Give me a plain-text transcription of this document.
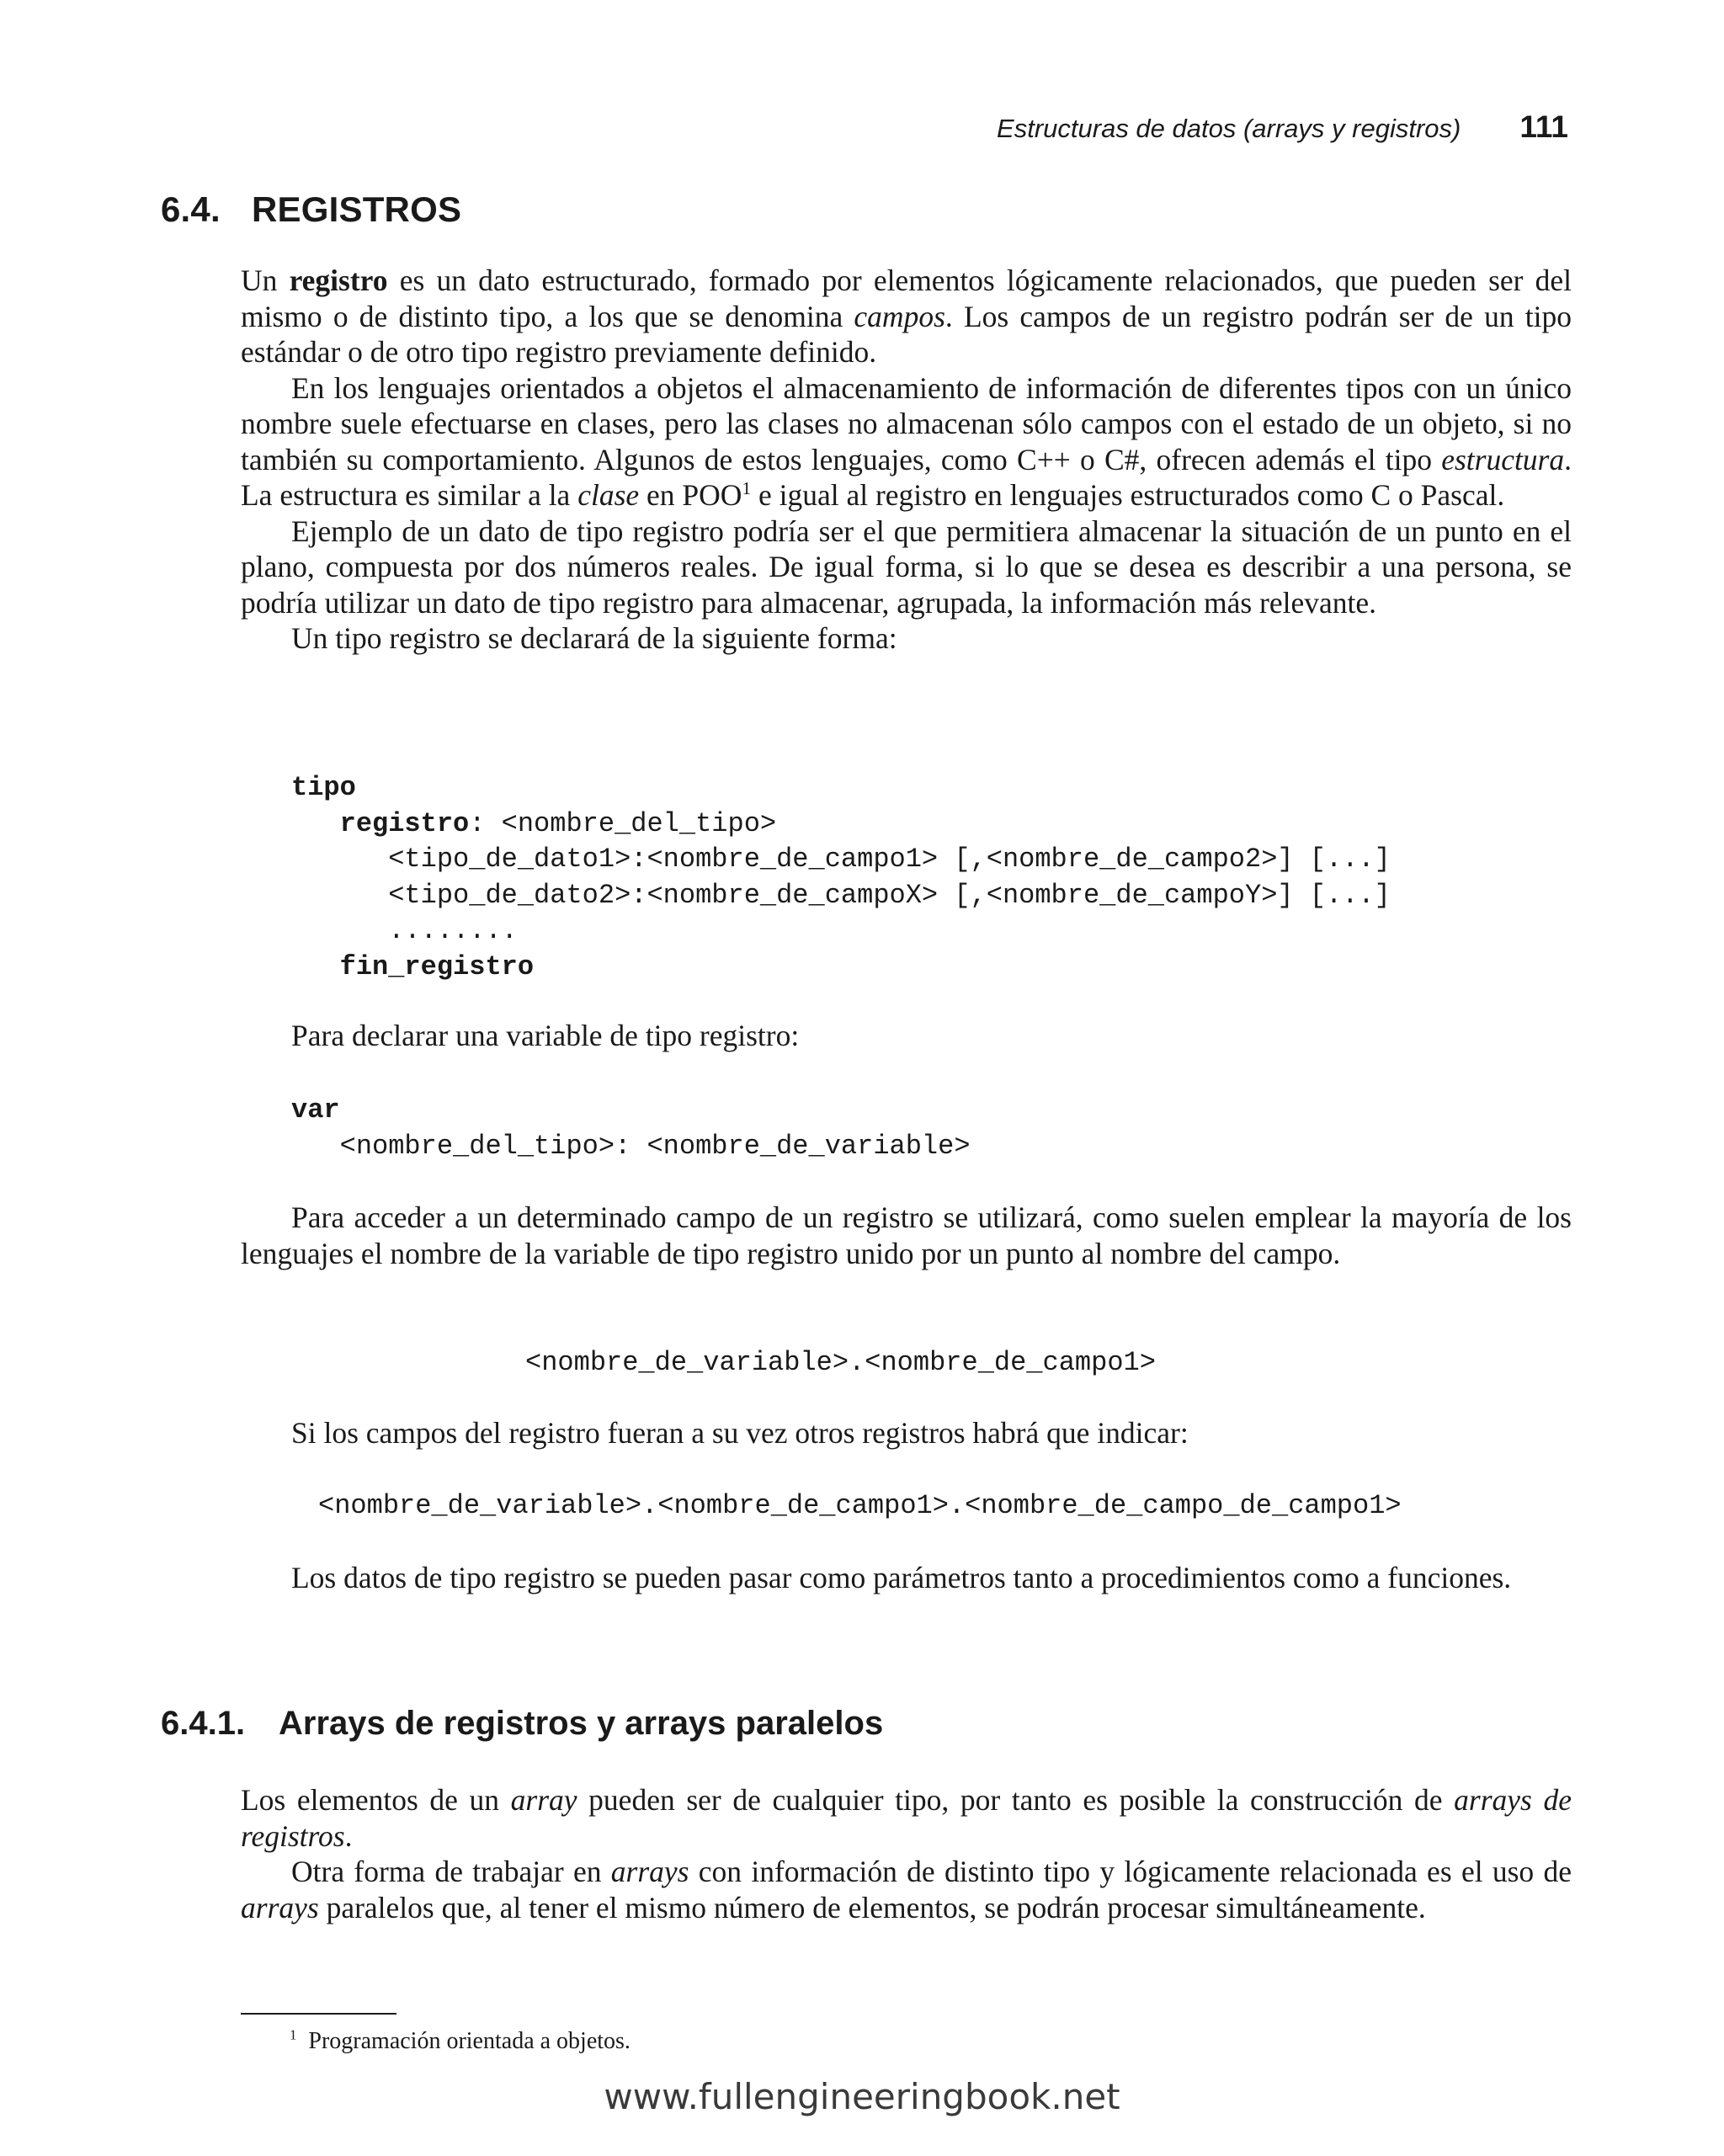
Estructuras de datos (arrays y registros) 111
6.4. REGISTROS

Un registro es un dato estructurado, formado por elementos lógicamente relacionados, que pueden ser del mismo o de distinto tipo, a los que se denomina campos. Los campos de un registro podrán ser de un tipo estándar o de otro tipo registro previamente definido.

En los lenguajes orientados a objetos el almacenamiento de información de diferentes tipos con un único nombre suele efectuarse en clases, pero las clases no almacenan sólo campos con el estado de un objeto, si no también su comportamiento. Algunos de estos lenguajes, como C++ o C#, ofrecen además el tipo estructura. La estructura es similar a la clase en POO$^1$ e igual al registro en lenguajes estructurados como C o Pascal.

Ejemplo de un dato de tipo registro podría ser el que permitiera almacenar la situación de un punto en el plano, compuesta por dos números reales. De igual forma, si lo que se desea es describir a una persona, se podría utilizar un dato de tipo registro para almacenar, agrupada, la información más relevante.

Un tipo registro se declarará de la siguiente forma:

tipo
registro: <nombre_del_tipo>
<tipo_de_dato1>:<nombre_de_campo1> [,<nombre_de_campo2>] [...]
<tipo_de_dato2>:<nombre_de_campoX> [,<nombre_de_campoY>] [...]
........
fin_registro
Para declarar una variable de tipo registro:
var
<nombre_del_tipo>: <nombre_de_variable>

Para acceder a un determinado campo de un registro se utilizará, como suelen emplear la mayoría de los lenguajes el nombre de la variable de tipo registro unido por un punto al nombre del campo.

<nombre_de_variable>.<nombre_de_campo1>
Si los campos del registro fueran a su vez otros registros habrá que indicar:
<nombre_de_variable>.<nombre_de_campo1>.<nombre_de_campo_de_campo1>

Los datos de tipo registro se pueden pasar como parámetros tanto a procedimientos como a funciones.

6.4.1. Arrays de registros y arrays paralelos

Los elementos de un array pueden ser de cualquier tipo, por tanto es posible la construcción de arrays de registros.

Otra forma de trabajar en arrays con información de distinto tipo y lógicamente relacionada es el uso de arrays paralelos que, al tener el mismo número de elementos, se podrán procesar simultáneamente.

$^1$ Programación orientada a objetos.
www.fullengineeringbook.net
